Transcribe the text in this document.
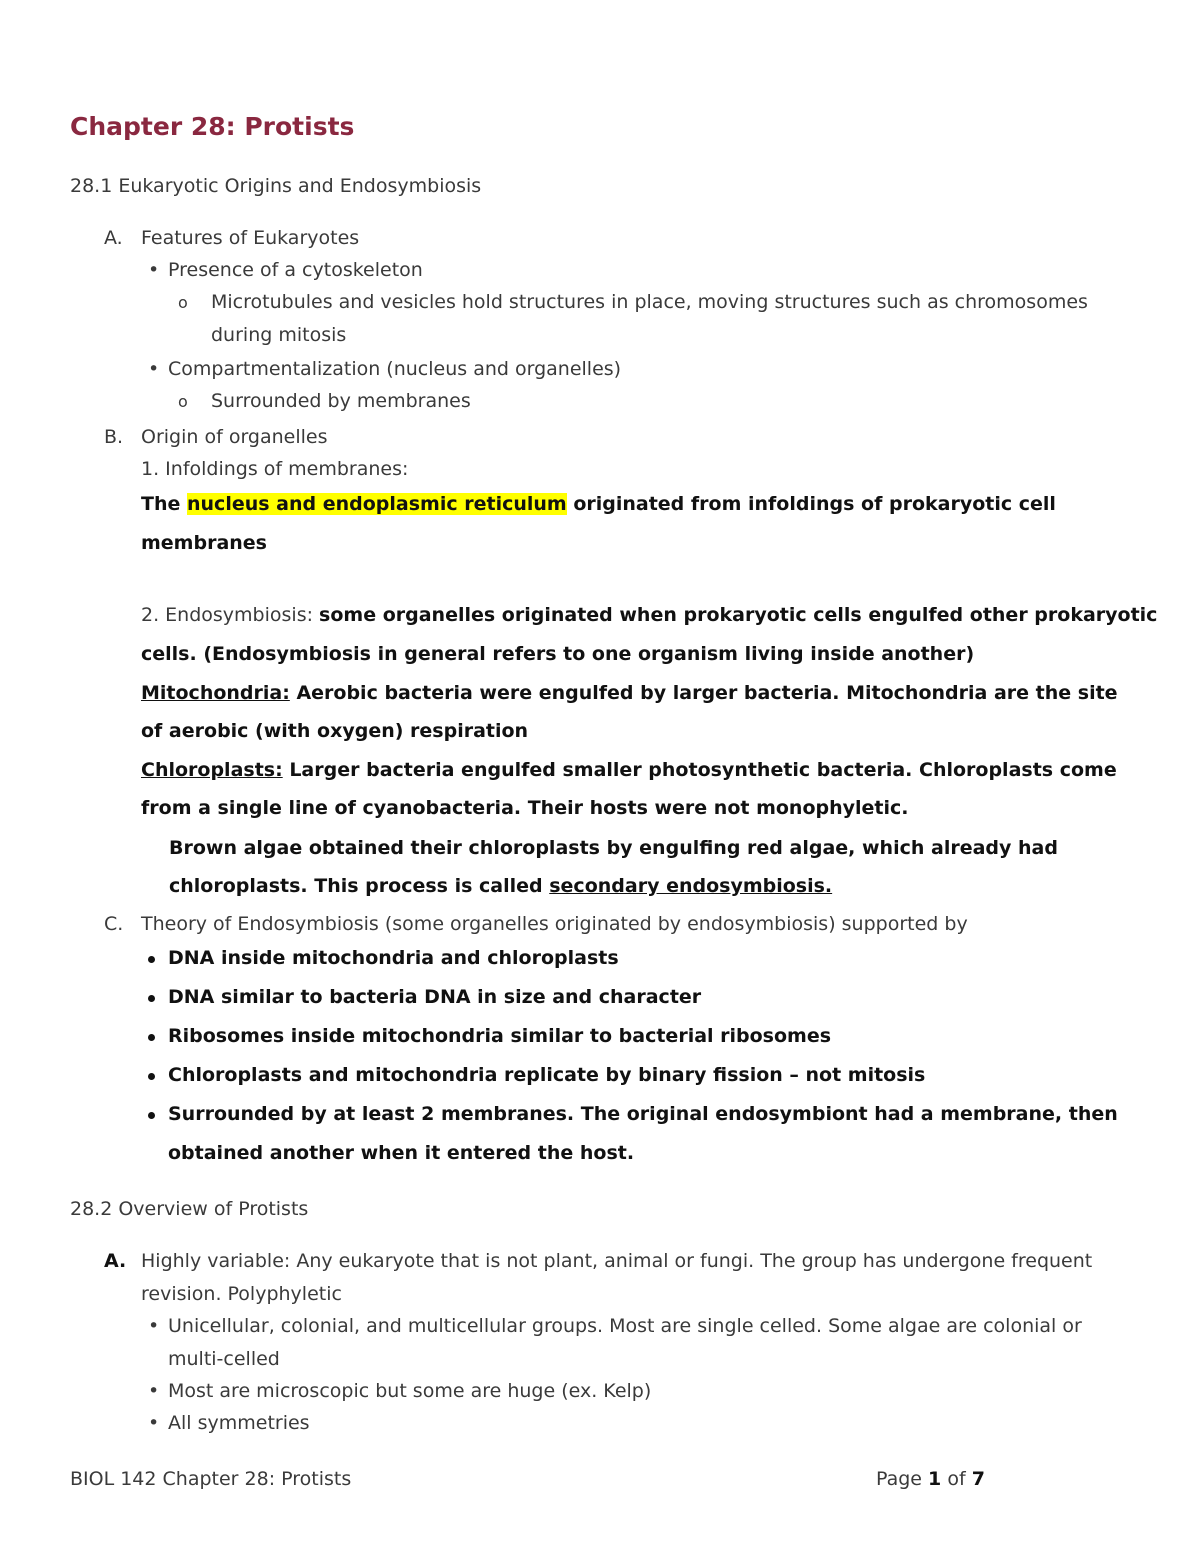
Chapter 28: Protists
28.1 Eukaryotic Origins and Endosymbiosis
A. Features of Eukaryotes
• Presence of a cytoskeleton
o Microtubules and vesicles hold structures in place, moving structures such as chromosomes
during mitosis
• Compartmentalization (nucleus and organelles)
o Surrounded by membranes
B. Origin of organelles
1. Infoldings of membranes:
The nucleus and endoplasmic reticulum originated from infoldings of prokaryotic cell
membranes
2. Endosymbiosis: some organelles originated when prokaryotic cells engulfed other prokaryotic
cells. (Endosymbiosis in general refers to one organism living inside another)
Mitochondria: Aerobic bacteria were engulfed by larger bacteria. Mitochondria are the site
of aerobic (with oxygen) respiration
Chloroplasts: Larger bacteria engulfed smaller photosynthetic bacteria. Chloroplasts come
from a single line of cyanobacteria. Their hosts were not monophyletic.
Brown algae obtained their chloroplasts by engulfing red algae, which already had
chloroplasts. This process is called secondary endosymbiosis.
C. Theory of Endosymbiosis (some organelles originated by endosymbiosis) supported by
DNA inside mitochondria and chloroplasts
DNA similar to bacteria DNA in size and character
Ribosomes inside mitochondria similar to bacterial ribosomes
Chloroplasts and mitochondria replicate by binary fission – not mitosis
Surrounded by at least 2 membranes. The original endosymbiont had a membrane, then
obtained another when it entered the host.
28.2 Overview of Protists
A. Highly variable: Any eukaryote that is not plant, animal or fungi. The group has undergone frequent
revision. Polyphyletic
• Unicellular, colonial, and multicellular groups. Most are single celled. Some algae are colonial or
multi-celled
• Most are microscopic but some are huge (ex. Kelp)
• All symmetries
BIOL 142 Chapter 28: Protists	Page 1 of 7
